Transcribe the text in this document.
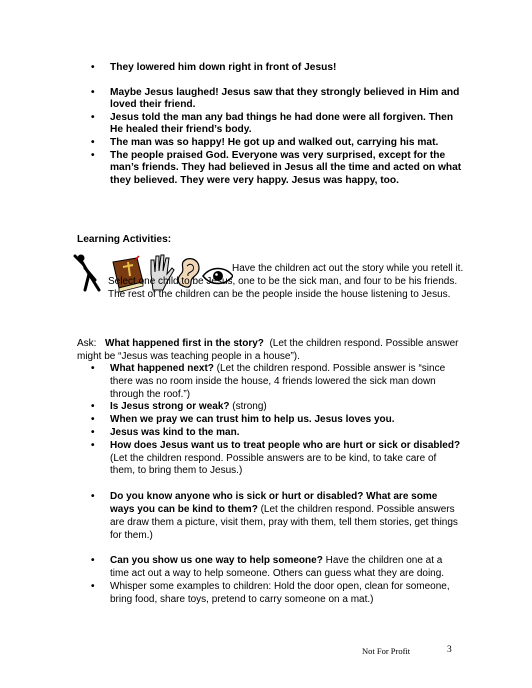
• They lowered him down right in front of Jesus!
• Maybe Jesus laughed! Jesus saw that they strongly believed in Him and loved their friend.
• Jesus told the man any bad things he had done were all forgiven. Then He healed their friend’s body.
• The man was so happy! He got up and walked out, carrying his mat.
• The people praised God. Everyone was very surprised, except for the man’s friends. They had believed in Jesus all the time and acted on what they believed. They were very happy. Jesus was happy, too.
Learning Activities:
Have the children act out the story while you retell it. Select one child to be Jesus, one to be the sick man, and four to be his friends. The rest of the children can be the people inside the house listening to Jesus.
Ask: What happened first in the story? (Let the children respond. Possible answer might be “Jesus was teaching people in a house”).
• What happened next? (Let the children respond. Possible answer is “since there was no room inside the house, 4 friends lowered the sick man down through the roof.”)
• Is Jesus strong or weak? (strong)
• When we pray we can trust him to help us. Jesus loves you.
• Jesus was kind to the man.
• How does Jesus want us to treat people who are hurt or sick or disabled? (Let the children respond. Possible answers are to be kind, to take care of them, to bring them to Jesus.)
• Do you know anyone who is sick or hurt or disabled? What are some ways you can be kind to them? (Let the children respond. Possible answers are draw them a picture, visit them, pray with them, tell them stories, get things for them.)
• Can you show us one way to help someone? Have the children one at a time act out a way to help someone. Others can guess what they are doing.
• Whisper some examples to children: Hold the door open, clean for someone, bring food, share toys, pretend to carry someone on a mat.)
Not For Profit	3
